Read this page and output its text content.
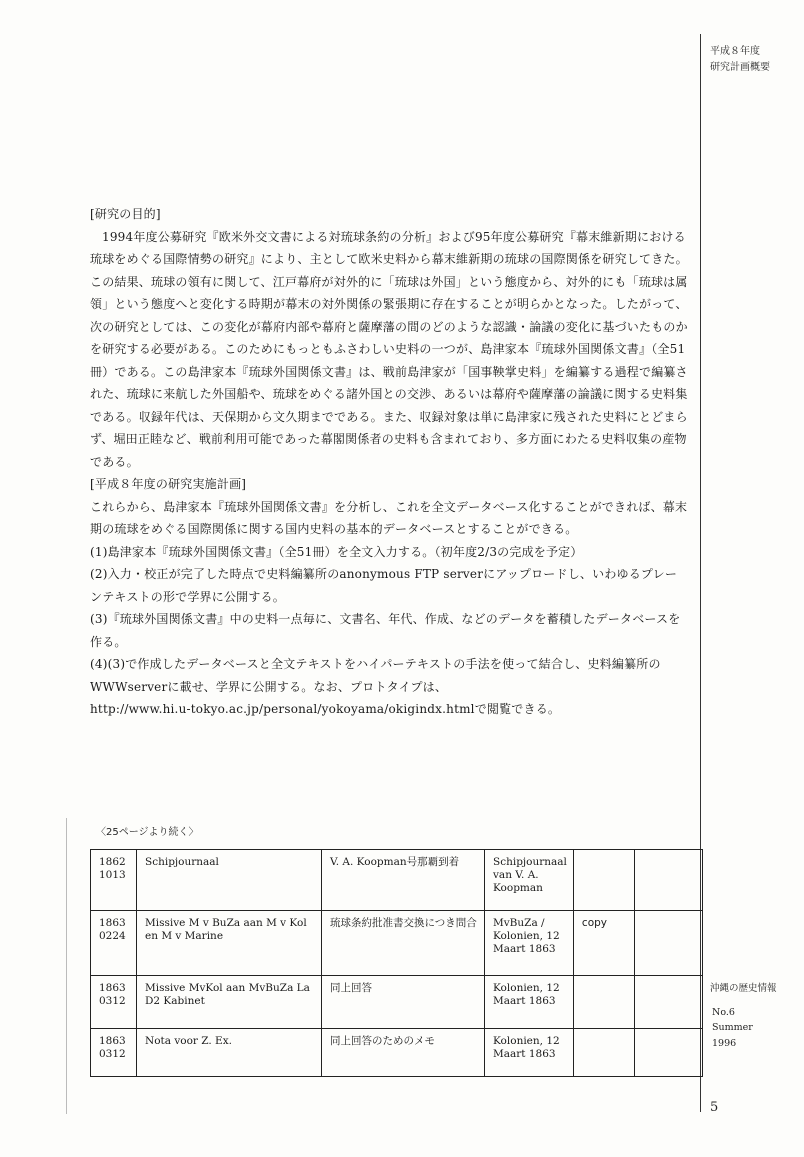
平成８年度
研究計画概要

[研究の目的]

1994年度公募研究『欧米外交文書による対琉球条約の分析』および95年度公募研究『幕末維新期における琉球をめぐる国際情勢の研究』により、主として欧米史料から幕末維新期の琉球の国際関係を研究してきた。この結果、琉球の領有に関して、江戸幕府が対外的に「琉球は外国」という態度から、対外的にも「琉球は属領」という態度へと変化する時期が幕末の対外関係の緊張期に存在することが明らかとなった。したがって、次の研究としては、この変化が幕府内部や幕府と薩摩藩の間のどのような認識・論議の変化に基づいたものかを研究する必要がある。このためにもっともふさわしい史料の一つが、島津家本『琉球外国関係文書』（全51冊）である。この島津家本『琉球外国関係文書』は、戦前島津家が「国事鞅掌史料」を編纂する過程で編纂された、琉球に来航した外国船や、琉球をめぐる諸外国との交渉、あるいは幕府や薩摩藩の論議に関する史料集である。収録年代は、天保期から文久期までである。また、収録対象は単に島津家に残された史料にとどまらず、堀田正睦など、戦前利用可能であった幕閣関係者の史料も含まれており、多方面にわたる史料収集の産物である。

[平成８年度の研究実施計画]

これらから、島津家本『琉球外国関係文書』を分析し、これを全文データベース化することができれば、幕末期の琉球をめぐる国際関係に関する国内史料の基本的データベースとすることができる。

(1)島津家本『琉球外国関係文書』（全51冊）を全文入力する。（初年度2/3の完成を予定）

(2)入力・校正が完了した時点で史料編纂所のanonymous FTP serverにアップロードし、いわゆるプレーンテキストの形で学界に公開する。

(3)『琉球外国関係文書』中の史料一点毎に、文書名、年代、作成、などのデータを蓄積したデータベースを作る。

(4)(3)で作成したデータベースと全文テキストをハイパーテキストの手法を使って結合し、史料編纂所のWWWserverに載せ、学界に公開する。なお、プロトタイプは、

http://www.hi.u-tokyo.ac.jp/personal/yokoyama/okigindx.htmlで閲覧できる。

〈25ページより続く〉
1862
1013	Schipjournaal	V. A. Koopman号那覇到着	Schipjournaal van V. A. Koopman		
1863
0224	Missive M v BuZa aan M v Kol en M v Marine	琉球条約批准書交換につき問合	MvBuZa / Kolonien, 12 Maart 1863	copy	
1863
0312	Missive MvKol aan MvBuZa La D2 Kabinet	同上回答	Kolonien, 12 Maart 1863		
1863
0312	Nota voor Z. Ex.	同上回答のためのメモ	Kolonien, 12 Maart 1863		
沖縄の歴史情報
No.6
Summer
1996
5
